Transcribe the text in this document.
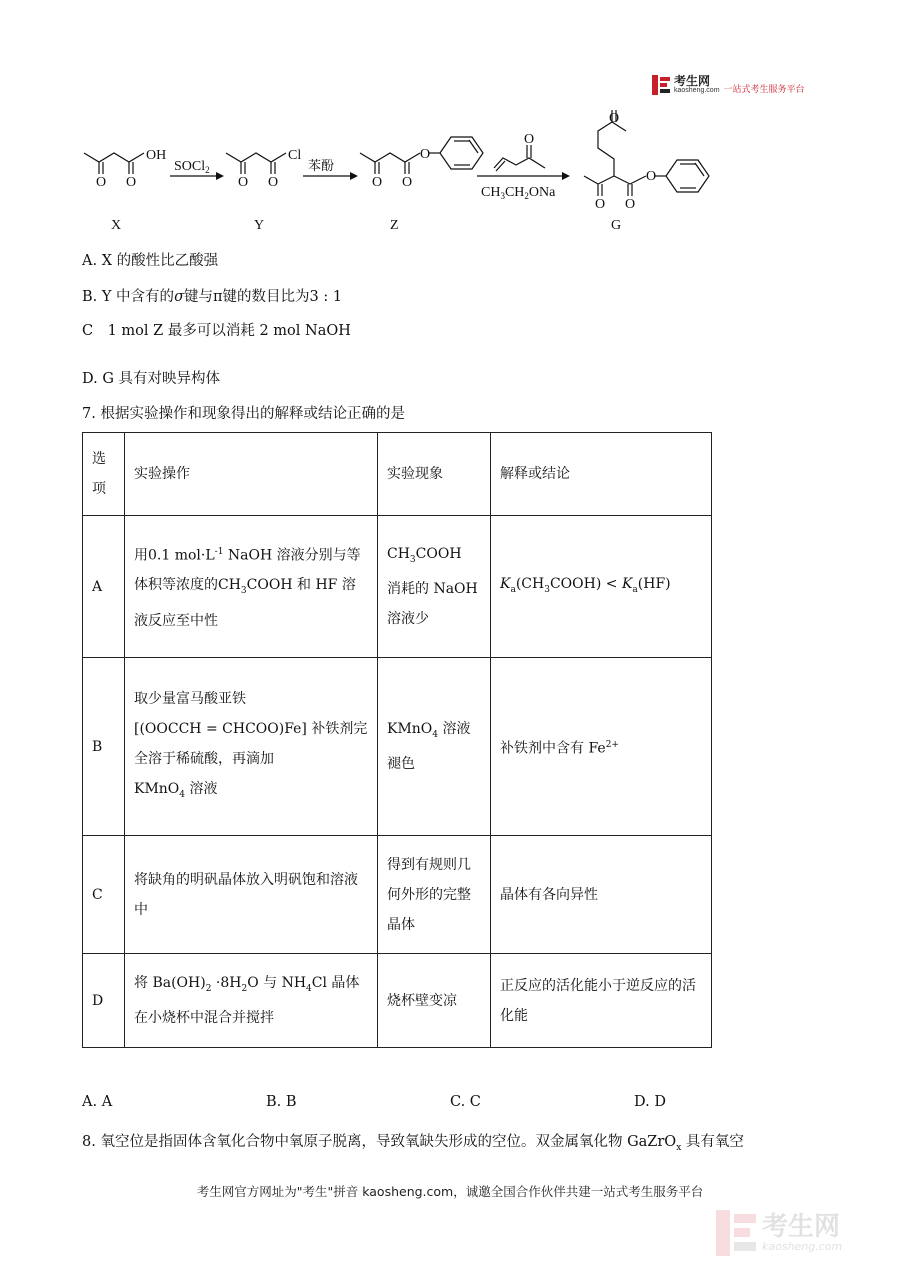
考生网
kaosheng.com 一站式考生服务平台
OH
O O
SOCl$_2$
O O
Cl
苯酚
O O
O
O
$CH_3CH_2ONa$
O
O O
O
X	Y	Z	G
A. X 的酸性比乙酸强
B. Y 中含有的σ键与π键的数目比为3 : 1
C　1 mol Z 最多可以消耗 2 mol NaOH
D. G 具有对映异构体
7. 根据实验操作和现象得出的解释或结论正确的是
选项	实验操作	实验现象	解释或结论
A	用0.1 $mol\cdot L^{-1}$ NaOH 溶液分别与等体积等浓度的$CH_3COOH$ 和 HF 溶液反应至中性	$CH_3COOH$
消耗的 NaOH 溶液少	$K_a(CH_3COOH) < K_a(HF)$
B	取少量富马酸亚铁
[(OOCCH = CHCOO)Fe] 补铁剂完全溶于稀硫酸，再滴加
KMnO$_4$ 溶液	KMnO$_4$ 溶液褪色	补铁剂中含有 $Fe^{2+}$
C	将缺角的明矾晶体放入明矾饱和溶液中	得到有规则几何外形的完整晶体	晶体有各向异性
D	将 $Ba(OH)_2 \cdot 8H_2O$ 与 $NH_4Cl$ 晶体在小烧杯中混合并搅拌	烧杯壁变凉	正反应的活化能小于逆反应的活化能
A. A	B. B	C. C	D. D
8. 氧空位是指固体含氧化合物中氧原子脱离，导致氧缺失形成的空位。双金属氧化物 GaZrO$_x$ 具有氧空
考生网官方网址为"考生"拼音 kaosheng.com，诚邀全国合作伙伴共建一站式考生服务平台
考生网
kaosheng.com
